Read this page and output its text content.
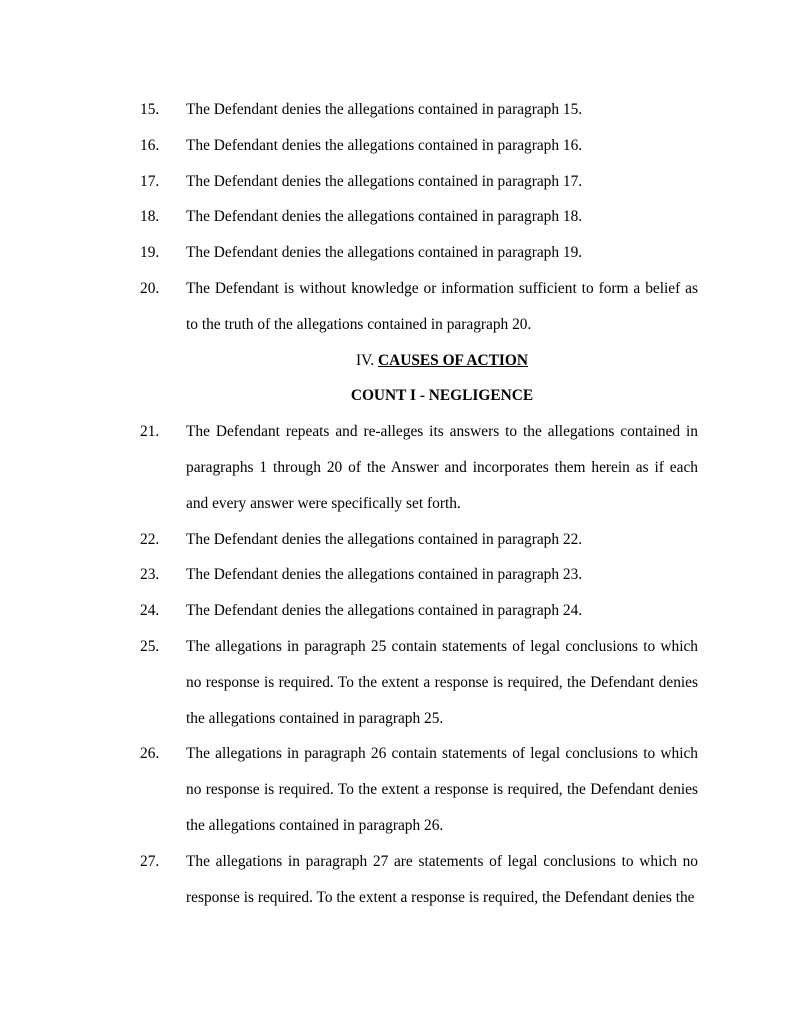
15. The Defendant denies the allegations contained in paragraph 15.
16. The Defendant denies the allegations contained in paragraph 16.
17. The Defendant denies the allegations contained in paragraph 17.
18. The Defendant denies the allegations contained in paragraph 18.
19. The Defendant denies the allegations contained in paragraph 19.
20. The Defendant is without knowledge or information sufficient to form a belief as
to the truth of the allegations contained in paragraph 20.
IV. CAUSES OF ACTION
COUNT I - NEGLIGENCE
21. The Defendant repeats and re-alleges its answers to the allegations contained in
paragraphs 1 through 20 of the Answer and incorporates them herein as if each
and every answer were specifically set forth.
22. The Defendant denies the allegations contained in paragraph 22.
23. The Defendant denies the allegations contained in paragraph 23.
24. The Defendant denies the allegations contained in paragraph 24.
25. The allegations in paragraph 25 contain statements of legal conclusions to which
no response is required. To the extent a response is required, the Defendant denies
the allegations contained in paragraph 25.
26. The allegations in paragraph 26 contain statements of legal conclusions to which
no response is required. To the extent a response is required, the Defendant denies
the allegations contained in paragraph 26.
27. The allegations in paragraph 27 are statements of legal conclusions to which no
response is required. To the extent a response is required, the Defendant denies the
